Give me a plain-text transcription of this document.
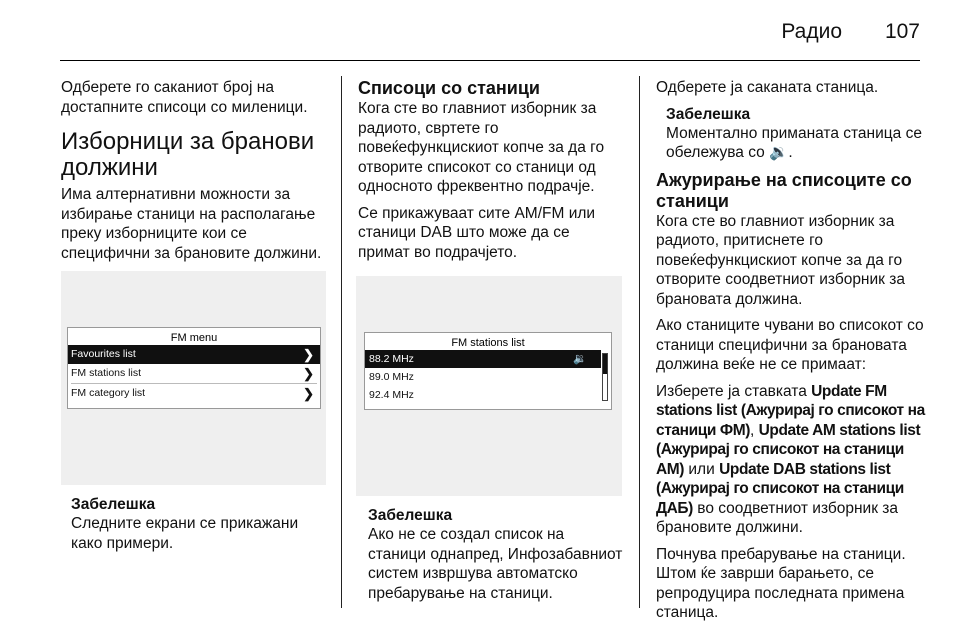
Радио 107

Одберете го саканиот број на достапните списоци со миленици.

Изборници за бранови должини

Има алтернативни можности за избирање станици на располагање преку изборниците кои се специфични за брановите должини.

FM menu
Favourites list	❯
FM stations list	❯
FM category list	❯
Забелешка

Следните екрани се прикажани како примери.

Списоци со станици

Кога сте во главниот изборник за радиото, свртете го повеќефункцискиот копче за да го отворите списокот со станици од односното фреквентно подрачје.

Се прикажуваат сите AM/FM или станици DAB што може да се примат во подрачјето.

FM stations list
88.2 MHz	🔉
89.0 MHz
92.4 MHz
Забелешка

Ако не се создал список на станици однапред, Инфозабавниот систем извршува автоматско пребарување на станици.

Одберете ја саканата станица.

Забелешка

Моментално приманата станица се обележува со 🔉.

Ажурирање на списоците со станици

Кога сте во главниот изборник за радиото, притиснете го повеќефункцискиот копче за да го отворите соодветниот изборник за брановата должина.

Ако станиците чувани во списокот со станици специфични за брановата должина веќе не се примаат:

Изберете ја ставката Update FM stations list (Ажурирај го списокот на станици ФМ), Update AM stations list (Ажурирај го списокот на станици АМ) или Update DAB stations list (Ажурирај го списокот на станици ДАБ) во соодветниот изборник за брановите должини.

Почнува пребарувањe на станици. Штом ќе заврши барањето, се репродуцира последната примена станица.
